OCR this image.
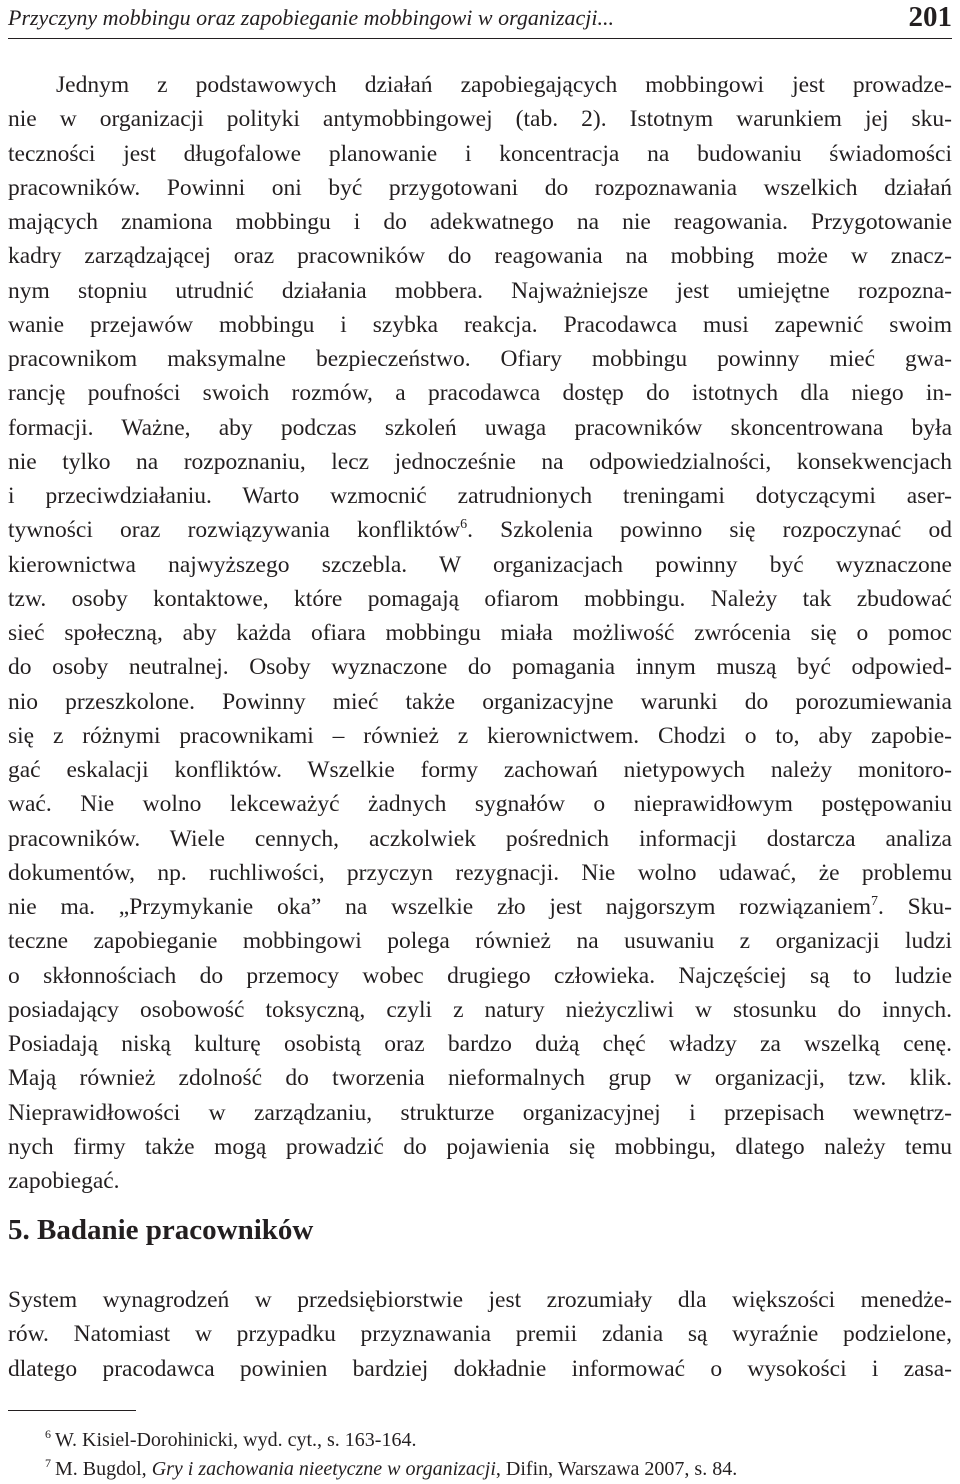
Przyczyny mobbingu oraz zapobieganie mobbingowi w organizacji...	201
Jednym z podstawowych działań zapobiegających mobbingowi jest prowadze-
nie w organizacji polityki antymobbingowej (tab. 2). Istotnym warunkiem jej sku-
teczności jest długofalowe planowanie i koncentracja na budowaniu świadomości
pracowników. Powinni oni być przygotowani do rozpoznawania wszelkich działań
mających znamiona mobbingu i do adekwatnego na nie reagowania. Przygotowanie
kadry zarządzającej oraz pracowników do reagowania na mobbing może w znacz-
nym stopniu utrudnić działania mobbera. Najważniejsze jest umiejętne rozpozna-
wanie przejawów mobbingu i szybka reakcja. Pracodawca musi zapewnić swoim
pracownikom maksymalne bezpieczeństwo. Ofiary mobbingu powinny mieć gwa-
rancję poufności swoich rozmów, a pracodawca dostęp do istotnych dla niego in-
formacji. Ważne, aby podczas szkoleń uwaga pracowników skoncentrowana była
nie tylko na rozpoznaniu, lecz jednocześnie na odpowiedzialności, konsekwencjach
i przeciwdziałaniu. Warto wzmocnić zatrudnionych treningami dotyczącymi aser-
tywności oraz rozwiązywania konfliktów$^6$. Szkolenia powinno się rozpoczynać od
kierownictwa najwyższego szczebla. W organizacjach powinny być wyznaczone
tzw. osoby kontaktowe, które pomagają ofiarom mobbingu. Należy tak zbudować
sieć społeczną, aby każda ofiara mobbingu miała możliwość zwrócenia się o pomoc
do osoby neutralnej. Osoby wyznaczone do pomagania innym muszą być odpowied-
nio przeszkolone. Powinny mieć także organizacyjne warunki do porozumiewania
się z różnymi pracownikami – również z kierownictwem. Chodzi o to, aby zapobie-
gać eskalacji konfliktów. Wszelkie formy zachowań nietypowych należy monitoro-
wać. Nie wolno lekceważyć żadnych sygnałów o nieprawidłowym postępowaniu
pracowników. Wiele cennych, aczkolwiek pośrednich informacji dostarcza analiza
dokumentów, np. ruchliwości, przyczyn rezygnacji. Nie wolno udawać, że problemu
nie ma. „Przymykanie oka” na wszelkie zło jest najgorszym rozwiązaniem$^7$. Sku-
teczne zapobieganie mobbingowi polega również na usuwaniu z organizacji ludzi
o skłonnościach do przemocy wobec drugiego człowieka. Najczęściej są to ludzie
posiadający osobowość toksyczną, czyli z natury nieżyczliwi w stosunku do innych.
Posiadają niską kulturę osobistą oraz bardzo dużą chęć władzy za wszelką cenę.
Mają również zdolność do tworzenia nieformalnych grup w organizacji, tzw. klik.
Nieprawidłowości w zarządzaniu, strukturze organizacyjnej i przepisach wewnętrz-
nych firmy także mogą prowadzić do pojawienia się mobbingu, dlatego należy temu
zapobiegać.
5. Badanie pracowników
System wynagrodzeń w przedsiębiorstwie jest zrozumiały dla większości menedże-
rów. Natomiast w przypadku przyznawania premii zdania są wyraźnie podzielone,
dlatego pracodawca powinien bardziej dokładnie informować o wysokości i zasa-
$^6$ W. Kisiel-Dorohinicki, wyd. cyt., s. 163-164.
$^7$ M. Bugdol, Gry i zachowania nieetyczne w organizacji, Difin, Warszawa 2007, s. 84.
